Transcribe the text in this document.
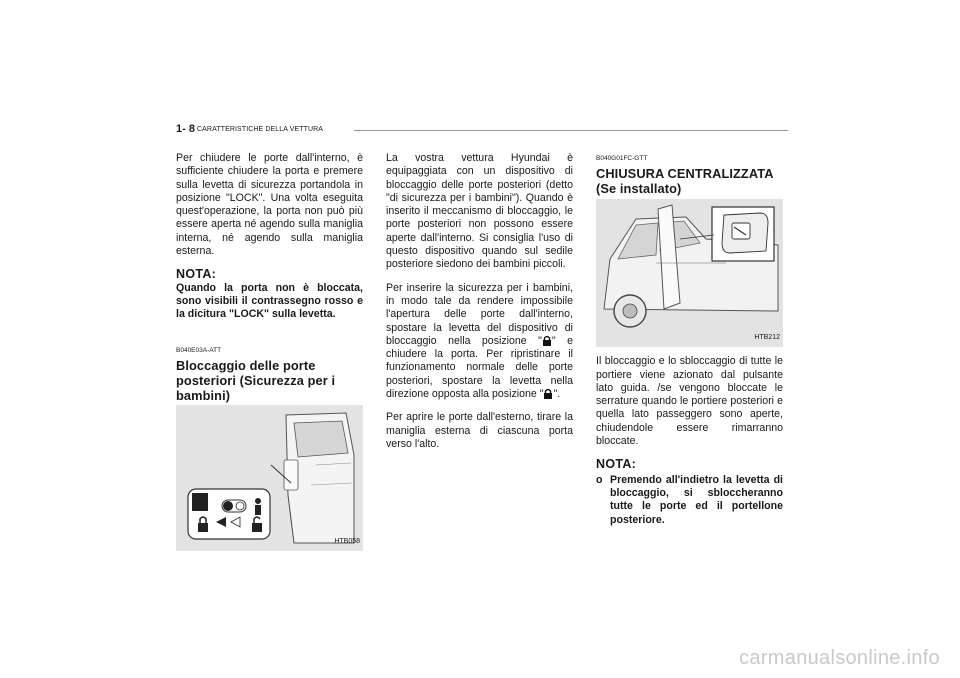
1- 8 CARATTERISTICHE DELLA VETTURA

Per chiudere le porte dall'interno, è sufficiente chiudere la porta e premere sulla levetta di sicurezza portandola in posizione "LOCK". Una volta eseguita quest'operazione, la porta non può più essere aperta né agendo sulla maniglia interna, né agendo sulla maniglia esterna.

NOTA:

Quando la porta non è bloccata, sono visibili il contrassegno rosso e la dicitura "LOCK" sulla levetta.

B040E03A-ATT
Bloccaggio delle porte posteriori (Sicurezza per i bambini)
HTB058

La vostra vettura Hyundai è equipaggiata con un dispositivo di bloccaggio delle porte posteriori (detto "di sicurezza per i bambini"). Quando è inserito il meccanismo di bloccaggio, le porte posteriori non possono essere aperte dall'interno. Si consiglia l'uso di questo dispositivo quando sul sedile posteriore siedono dei bambini piccoli.

Per inserire la sicurezza per i bambini, in modo tale da rendere impossibile l'apertura delle porte dall'interno, spostare la levetta del dispositivo di bloccaggio nella posizione " " e chiudere la porta. Per ripristinare il funzionamento normale delle porte posteriori, spostare la levetta nella direzione opposta alla posizione " ".

Per aprire le porte dall'esterno, tirare la maniglia esterna di ciascuna porta verso l'alto.

B040G01FC-GTT
CHIUSURA CENTRALIZZATA (Se installato)
HTB212

Il bloccaggio e lo sbloccaggio di tutte le portiere viene azionato dal pulsante lato guida. /se vengono bloccate le serrature quando le portiere posteriori e quella lato passeggero sono aperte, chiudendole essere rimarranno bloccate.

NOTA:
o Premendo all'indietro la levetta di bloccaggio, si sbloccheranno tutte le porte ed il portellone posteriore.
carmanualsonline.info
